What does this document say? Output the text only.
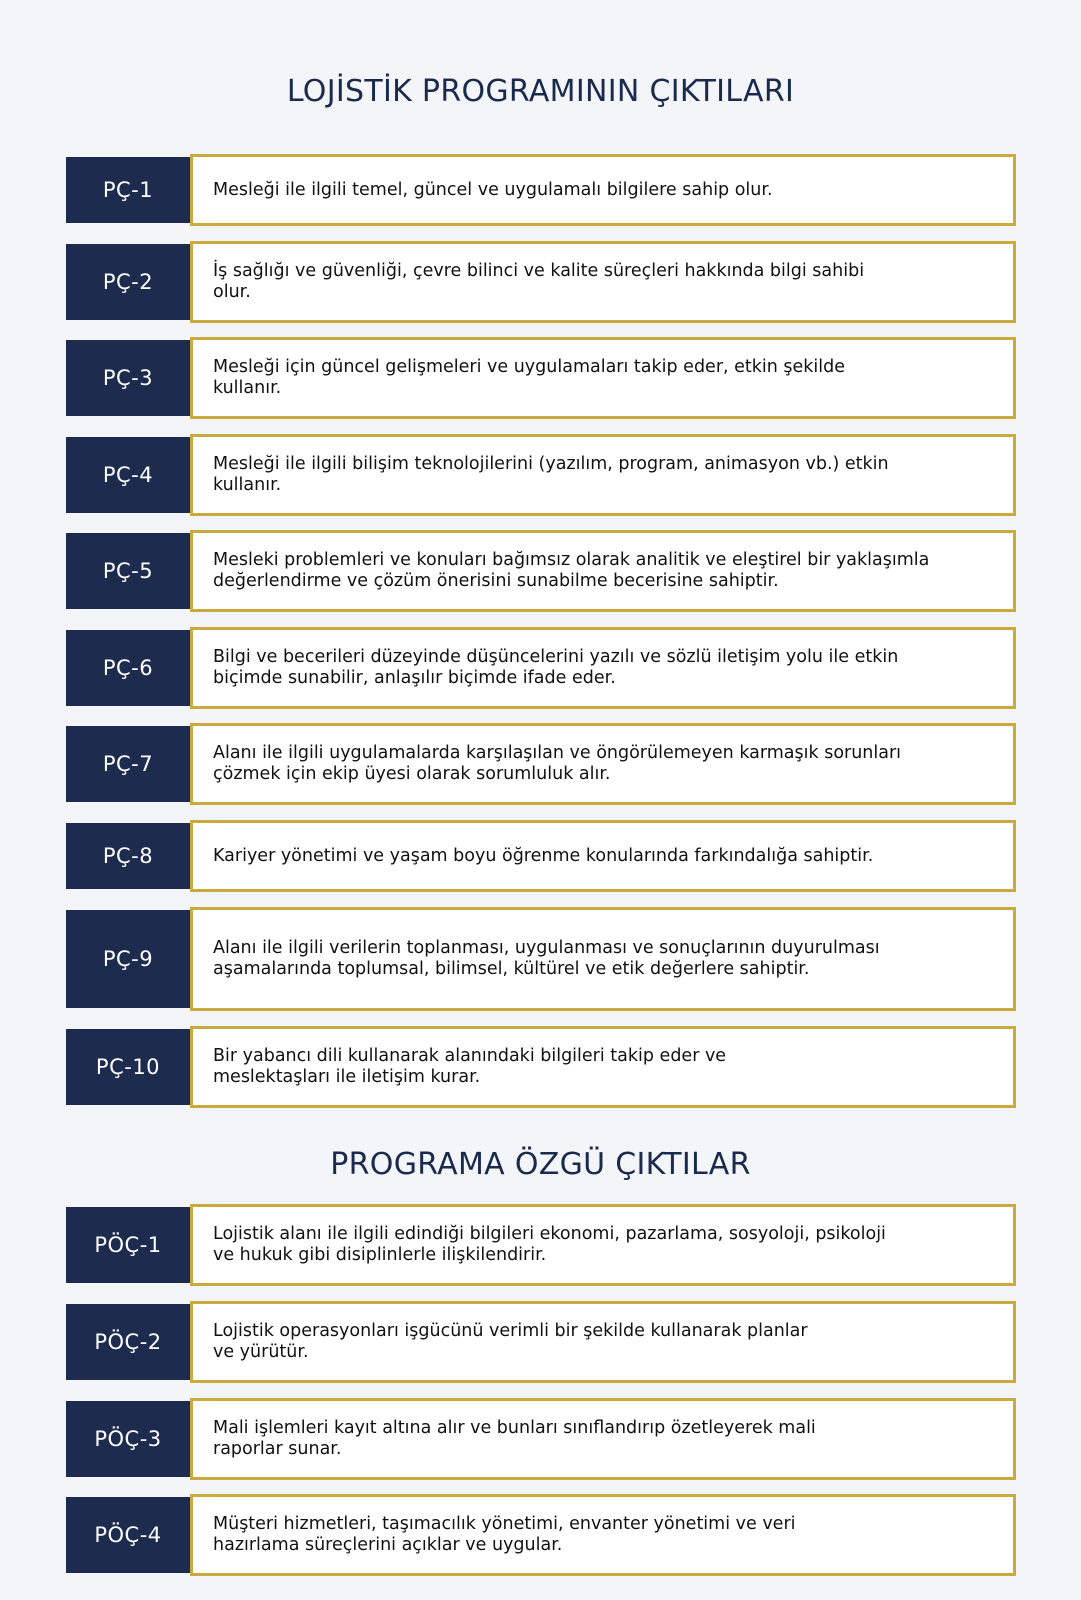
LOJİSTİK PROGRAMININ ÇIKTILARI
PÇ-1	Mesleği ile ilgili temel, güncel ve uygulamalı bilgilere sahip olur.
PÇ-2	İş sağlığı ve güvenliği, çevre bilinci ve kalite süreçleri hakkında bilgi sahibi olur.
PÇ-3	Mesleği için güncel gelişmeleri ve uygulamaları takip eder, etkin şekilde kullanır.
PÇ-4	Mesleği ile ilgili bilişim teknolojilerini (yazılım, program, animasyon vb.) etkin kullanır.
PÇ-5	Mesleki problemleri ve konuları bağımsız olarak analitik ve eleştirel bir yaklaşımla değerlendirme ve çözüm önerisini sunabilme becerisine sahiptir.
PÇ-6	Bilgi ve becerileri düzeyinde düşüncelerini yazılı ve sözlü iletişim yolu ile etkin biçimde sunabilir, anlaşılır biçimde ifade eder.
PÇ-7	Alanı ile ilgili uygulamalarda karşılaşılan ve öngörülemeyen karmaşık sorunları çözmek için ekip üyesi olarak sorumluluk alır.
PÇ-8	Kariyer yönetimi ve yaşam boyu öğrenme konularında farkındalığa sahiptir.
PÇ-9	Alanı ile ilgili verilerin toplanması, uygulanması ve sonuçlarının duyurulması aşamalarında toplumsal, bilimsel, kültürel ve etik değerlere sahiptir.
PÇ-10	Bir yabancı dili kullanarak alanındaki bilgileri takip eder ve meslektaşları ile iletişim kurar.
PROGRAMA ÖZGÜ ÇIKTILAR
PÖÇ-1	Lojistik alanı ile ilgili edindiği bilgileri ekonomi, pazarlama, sosyoloji, psikoloji ve hukuk gibi disiplinlerle ilişkilendirir.
PÖÇ-2	Lojistik operasyonları işgücünü verimli bir şekilde kullanarak planlar ve yürütür.
PÖÇ-3	Mali işlemleri kayıt altına alır ve bunları sınıflandırıp özetleyerek mali raporlar sunar.
PÖÇ-4	Müşteri hizmetleri, taşımacılık yönetimi, envanter yönetimi ve veri hazırlama süreçlerini açıklar ve uygular.
